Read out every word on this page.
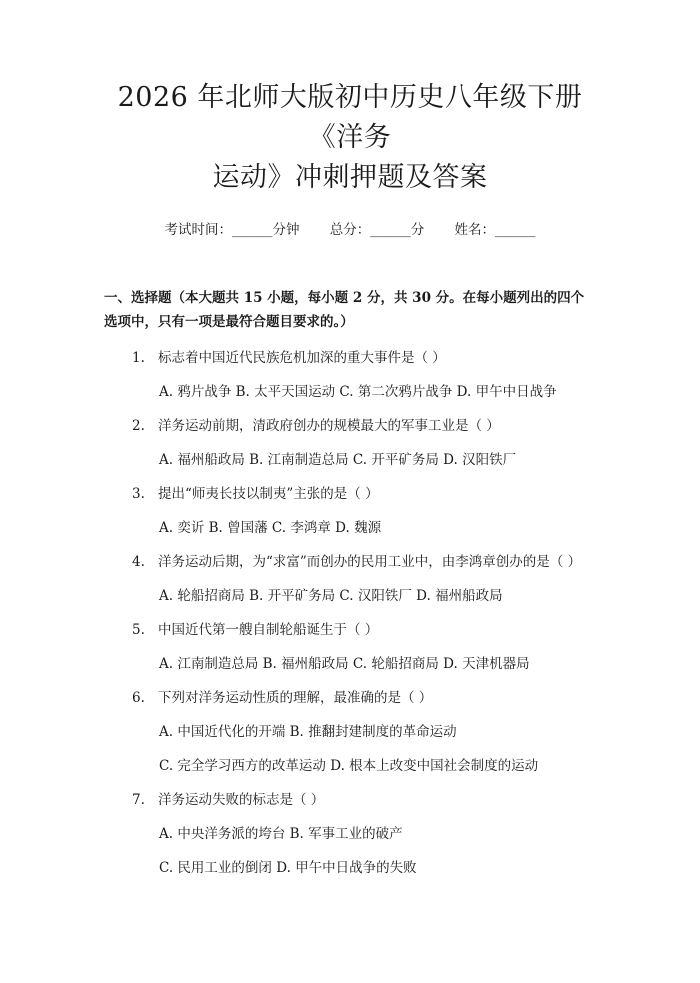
2026 年北师大版初中历史八年级下册《洋务
运动》冲刺押题及答案
考试时间：______分钟 总分：______分 姓名：______
一、选择题（本大题共 15 小题，每小题 2 分，共 30 分。在每小题列出的四个选项中，只有一项是最符合题目要求的。）
1. 标志着中国近代民族危机加深的重大事件是（ ）
A. 鸦片战争 B. 太平天国运动 C. 第二次鸦片战争 D. 甲午中日战争
2. 洋务运动前期，清政府创办的规模最大的军事工业是（ ）
A. 福州船政局 B. 江南制造总局 C. 开平矿务局 D. 汉阳铁厂
3. 提出“师夷长技以制夷”主张的是（ ）
A. 奕䜣 B. 曾国藩 C. 李鸿章 D. 魏源
4. 洋务运动后期，为“求富”而创办的民用工业中，由李鸿章创办的是（ ）
A. 轮船招商局 B. 开平矿务局 C. 汉阳铁厂 D. 福州船政局
5. 中国近代第一艘自制轮船诞生于（ ）
A. 江南制造总局 B. 福州船政局 C. 轮船招商局 D. 天津机器局
6. 下列对洋务运动性质的理解，最准确的是（ ）
A. 中国近代化的开端 B. 推翻封建制度的革命运动
C. 完全学习西方的改革运动 D. 根本上改变中国社会制度的运动
7. 洋务运动失败的标志是（ ）
A. 中央洋务派的垮台 B. 军事工业的破产
C. 民用工业的倒闭 D. 甲午中日战争的失败
